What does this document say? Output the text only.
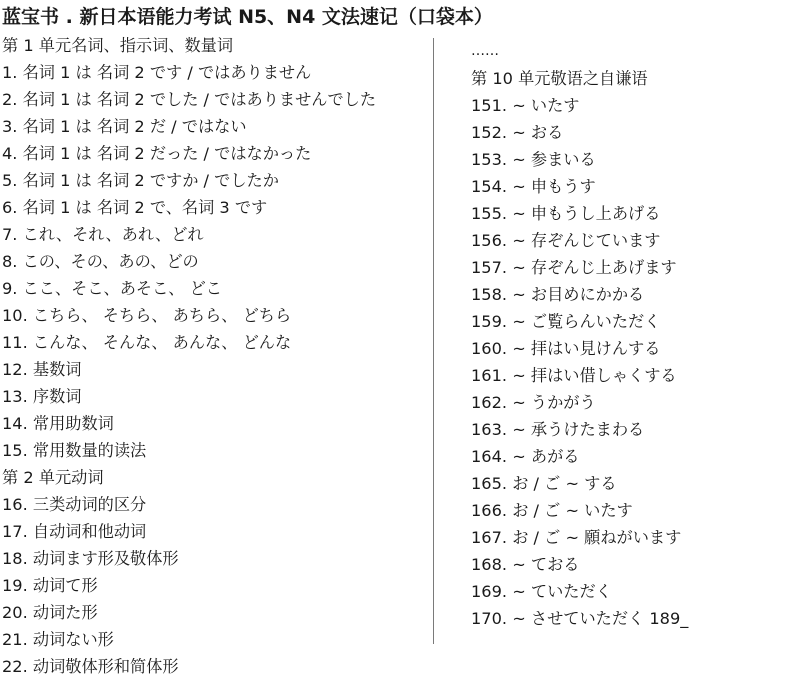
蓝宝书 . 新日本语能力考试 N5、N4 文法速记（口袋本）
第 1 单元名词、指示词、数量词
1. 名词 1 は 名词 2 です / ではありません
2. 名词 1 は 名词 2 でした / ではありませんでした
3. 名词 1 は 名词 2 だ / ではない
4. 名词 1 は 名词 2 だった / ではなかった
5. 名词 1 は 名词 2 ですか / でしたか
6. 名词 1 は 名词 2 で、名词 3 です
7. これ、それ、あれ、どれ
8. この、その、あの、どの
9. ここ、そこ、あそこ、 どこ
10. こちら、 そちら、 あちら、 どちら
11. こんな、 そんな、 あんな、 どんな
12. 基数词
13. 序数词
14. 常用助数词
15. 常用数量的读法
第 2 单元动词
16. 三类动词的区分
17. 自动词和他动词
18. 动词ます形及敬体形
19. 动词て形
20. 动词た形
21. 动词ない形
22. 动词敬体形和简体形
……
第 10 单元敬语之自谦语
151. ~ いたす
152. ~ おる
153. ~ 参まいる
154. ~ 申もうす
155. ~ 申もうし上あげる
156. ~ 存ぞんじています
157. ~ 存ぞんじ上あげます
158. ~ お目めにかかる
159. ~ ご覧らんいただく
160. ~ 拝はい見けんする
161. ~ 拝はい借しゃくする
162. ~ うかがう
163. ~ 承うけたまわる
164. ~ あがる
165. お / ご ~ する
166. お / ご ~ いたす
167. お / ご ~ 願ねがいます
168. ~ ておる
169. ~ ていただく
170. ~ させていただく 189_
